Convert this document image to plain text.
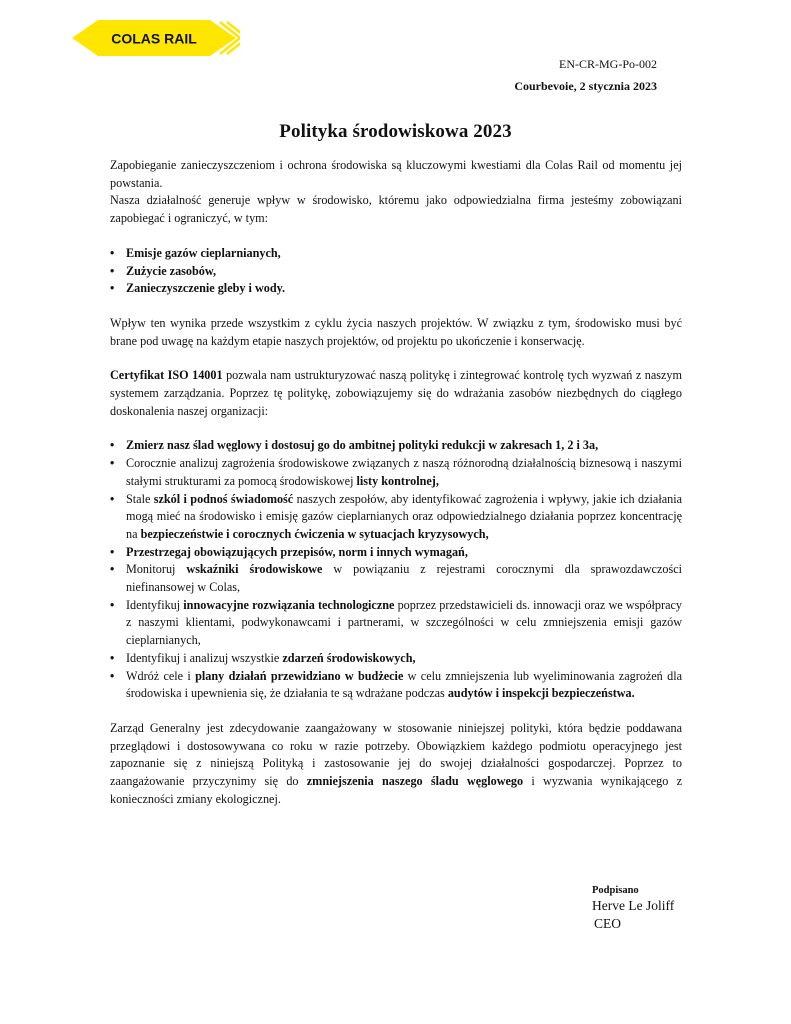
COLAS RAIL
EN-CR-MG-Po-002
Courbevoie, 2 stycznia 2023
Polityka środowiskowa 2023

Zapobieganie zanieczyszczeniom i ochrona środowiska są kluczowymi kwestiami dla Colas Rail od momentu jej powstania.

Nasza działalność generuje wpływ w środowisko, któremu jako odpowiedzialna firma jesteśmy zobowiązani zapobiegać i ograniczyć, w tym:

• Emisje gazów cieplarnianych,
• Zużycie zasobów,
• Zanieczyszczenie gleby i wody.

Wpływ ten wynika przede wszystkim z cyklu życia naszych projektów. W związku z tym, środowisko musi być brane pod uwagę na każdym etapie naszych projektów, od projektu po ukończenie i konserwację.

Certyfikat ISO 14001 pozwala nam ustrukturyzować naszą politykę i zintegrować kontrolę tych wyzwań z naszym systemem zarządzania. Poprzez tę politykę, zobowiązujemy się do wdrażania zasobów niezbędnych do ciągłego doskonalenia naszej organizacji:

• Zmierz nasz ślad węglowy i dostosuj go do ambitnej polityki redukcji w zakresach 1, 2 i 3a,
• Corocznie analizuj zagrożenia środowiskowe związanych z naszą różnorodną działalnością biznesową i naszymi stałymi strukturami za pomocą środowiskowej listy kontrolnej,
• Stale szkól i podnoś świadomość naszych zespołów, aby identyfikować zagrożenia i wpływy, jakie ich działania mogą mieć na środowisko i emisję gazów cieplarnianych oraz odpowiedzialnego działania poprzez koncentrację na bezpieczeństwie i corocznych ćwiczenia w sytuacjach kryzysowych,
• Przestrzegaj obowiązujących przepisów, norm i innych wymagań,
• Monitoruj wskaźniki środowiskowe w powiązaniu z rejestrami corocznymi dla sprawozdawczości niefinansowej w Colas,
• Identyfikuj innowacyjne rozwiązania technologiczne poprzez przedstawicieli ds. innowacji oraz we współpracy z naszymi klientami, podwykonawcami i partnerami, w szczególności w celu zmniejszenia emisji gazów cieplarnianych,
• Identyfikuj i analizuj wszystkie zdarzeń środowiskowych,
• Wdróż cele i plany działań przewidziano w budżecie w celu zmniejszenia lub wyeliminowania zagrożeń dla środowiska i upewnienia się, że działania te są wdrażane podczas audytów i inspekcji bezpieczeństwa.

Zarząd Generalny jest zdecydowanie zaangażowany w stosowanie niniejszej polityki, która będzie poddawana przeglądowi i dostosowywana co roku w razie potrzeby. Obowiązkiem każdego podmiotu operacyjnego jest zapoznanie się z niniejszą Polityką i zastosowanie jej do swojej działalności gospodarczej. Poprzez to zaangażowanie przyczynimy się do zmniejszenia naszego śladu węglowego i wyzwania wynikającego z konieczności zmiany ekologicznej.

Podpisano
Herve Le Joliff
CEO
